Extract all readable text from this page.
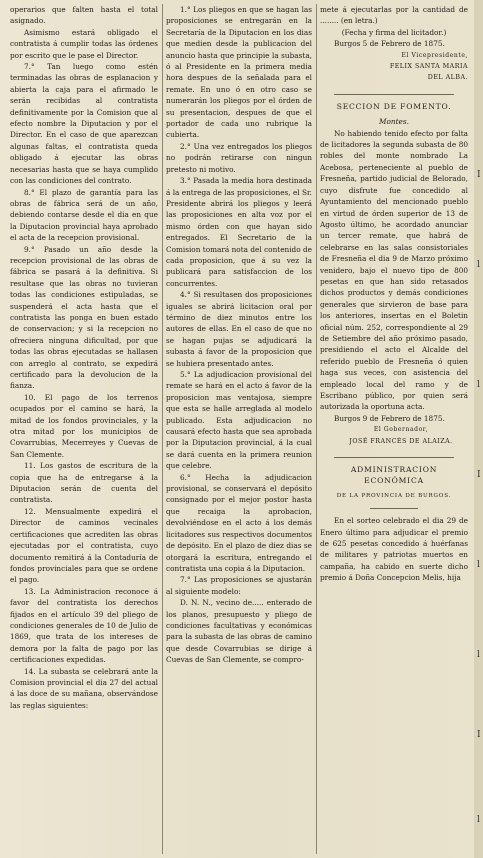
operarios que falten hasta el total asignado.

Asimismo estará obligado el contratista á cumplir todas las órdenes por escrito que le pase el Director.

7.° Tan luego como estén terminadas las obras de esplanacion y abierta la caja para el afirmado le serán recibidas al contratista definitivamente por la Comision que al efecto nombre la Diputacion y por el Director. En el caso de que aparezcan algunas faltas, el contratista queda obligado á ejecutar las obras necesarias hasta que se haya cumplido con las condiciones del contrato.

8.° El plazo de garantía para las obras de fábrica será de un año, debiendo contarse desde el dia en que la Diputacion provincial haya aprobado el acta de la recepcion provisional.

9.° Pasado un año desde la recepcion provisional de las obras de fábrica se pasará á la definitiva. Si resultase que las obras no tuvieran todas las condiciones estipuladas, se suspenderá el acta hasta que el contratista las ponga en buen estado de conservacion; y si la recepcion no ofreciera ninguna dificultad, por que todas las obras ejecutadas se hallasen con arreglo al contrato, se expedirá certificado para la devolucion de la fianza.

10. El pago de los terrenos ocupados por el camino se hará, la mitad de los fondos provinciales, y la otra mitad por los municipios de Covarrubias, Mecerreyes y Cuevas de San Clemente.

11. Los gastos de escritura de la copia que ha de entregarse á la Diputacion serán de cuenta del contratista.

12. Mensualmente expedirá el Director de caminos vecinales certificaciones que acrediten las obras ejecutadas por el contratista, cuyo documento remitirá á la Contaduría de fondos provinciales para que se ordene el pago.

13. La Administracion reconoce á favor del contratista los derechos fijados en el artículo 39 del pliego de condiciones generales de 10 de Julio de 1869, que trata de los intereses de demora por la falta de pago por las certificaciones expedidas.

14. La subasta se celebrará ante la Comision provincial el dia 27 del actual á las doce de su mañana, observándose las reglas siguientes:

1.° Los pliegos en que se hagan las proposiciones se entregarán en la Secretaría de la Diputacion en los dias que medien desde la publicacion del anuncio hasta que principie la subasta, ó al Presidente en la primera media hora despues de la señalada para el remate. En uno ó en otro caso se numerarán los pliegos por el órden de su presentacion, despues de que el portador de cada uno rubrique la cubierta.

2.° Una vez entregados los pliegos no podrán retirarse con ningun pretesto ni motivo.

3.° Pasada la media hora destinada á la entrega de las proposiciones, el Sr. Presidente abrirá los pliegos y leerá las proposiciones en alta voz por el mismo órden con que hayan sido entregados. El Secretario de la Comision tomará nota del contenido de cada proposicion, que á su vez la publicará para satisfaccion de los concurrentes.

4.° Si resultasen dos proposiciones iguales se abrirá licitacion oral por término de diez minutos entre los autores de ellas. En el caso de que no se hagan pujas se adjudicará la subasta á favor de la proposicion que se hubiera presentado antes.

5.° La adjudicacion provisional del remate se hará en el acto á favor de la proposicion mas ventajosa, siempre que esta se halle arreglada al modelo publicado. Esta adjudicacion no causará efecto hasta que sea aprobada por la Diputacion provincial, á la cual se dará cuenta en la primera reunion que celebre.

6.° Hecha la adjudicacion provisional, se conservará el depósito consignado por el mejor postor hasta que recaiga la aprobacion, devolviéndose en el acto á los demás licitadores sus respectivos documentos de depósito. En el plazo de diez dias se otorgará la escritura, entregando el contratista una copia á la Diputacion.

7.° Las proposiciones se ajustarán al siguiente modelo:

D. N. N., vecino de..... enterado de los planos, presupuesto y pliego de condiciones facultativas y económicas para la subasta de las obras de camino que desde Covarrubias se dirige á Cuevas de San Clemente, se compro-

mete á ejecutarlas por la cantidad de ........ (en letra.)

(Fecha y firma del licitador.)

Burgos 5 de Febrero de 1875.

El Vicepresidente,

FELIX SANTA MARIA

DEL ALBA.

SECCION DE FOMENTO.

Montes.

No habiendo tenido efecto por falta de licitadores la segunda subasta de 80 robles del monte nombrado La Acebosa, perteneciente al pueblo de Fresneña, partido judicial de Belorado, cuyo disfrute fue concedido al Ayuntamiento del mencionado pueblo en virtud de órden superior de 13 de Agosto último, he acordado anunciar un tercer remate, que habrá de celebrarse en las salas consistoriales de Fresneña el dia 9 de Marzo próximo venidero, bajo el nuevo tipo de 800 pesetas en que han sido retasados dichos productos y demás condiciones generales que sirvieron de base para los anteriores, insertas en el Boletin oficial núm. 252, correspondiente al 29 de Setiembre del año próximo pasado, presidiendo el acto el Alcalde del referido pueblo de Fresneña ó quien haga sus veces, con asistencia del empleado local del ramo y de Escribano público, por quien será autorizada la oportuna acta.

Burgos 9 de Febrero de 1875.

El Gobernador,

JOSÉ FRANCÉS DE ALAIZA.

ADMINISTRACION ECONÓMICA

DE LA PROVINCIA DE BURGOS.

En el sorteo celebrado el dia 29 de Enero último para adjudicar el premio de 625 pesetas concedido á huérfanas de militares y patriotas muertos en campaña, ha cabido en suerte dicho premio á Doña Concepcion Melis, hija

I
l
l
I
l
l
I
l
